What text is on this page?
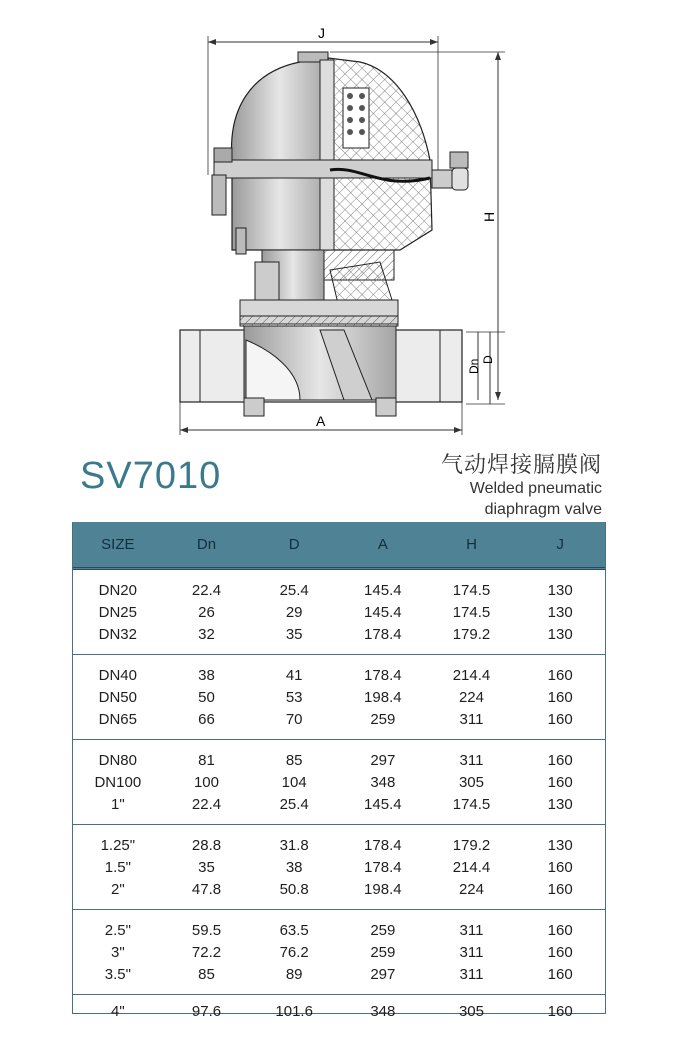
J
H
Dn D
A
SV7010	气动焊接膈膜阀
Welded pneumatic
diaphragm valve
SIZE	Dn	D	A	H	J
DN20	22.4	25.4	145.4	174.5	130
DN25	26	29	145.4	174.5	130
DN32	32	35	178.4	179.2	130
DN40	38	41	178.4	214.4	160
DN50	50	53	198.4	224	160
DN65	66	70	259	311	160
DN80	81	85	297	311	160
DN100	100	104	348	305	160
1"	22.4	25.4	145.4	174.5	130
1.25"	28.8	31.8	178.4	179.2	130
1.5"	35	38	178.4	214.4	160
2"	47.8	50.8	198.4	224	160
2.5"	59.5	63.5	259	311	160
3"	72.2	76.2	259	311	160
3.5"	85	89	297	311	160
4"	97.6	101.6	348	305	160
